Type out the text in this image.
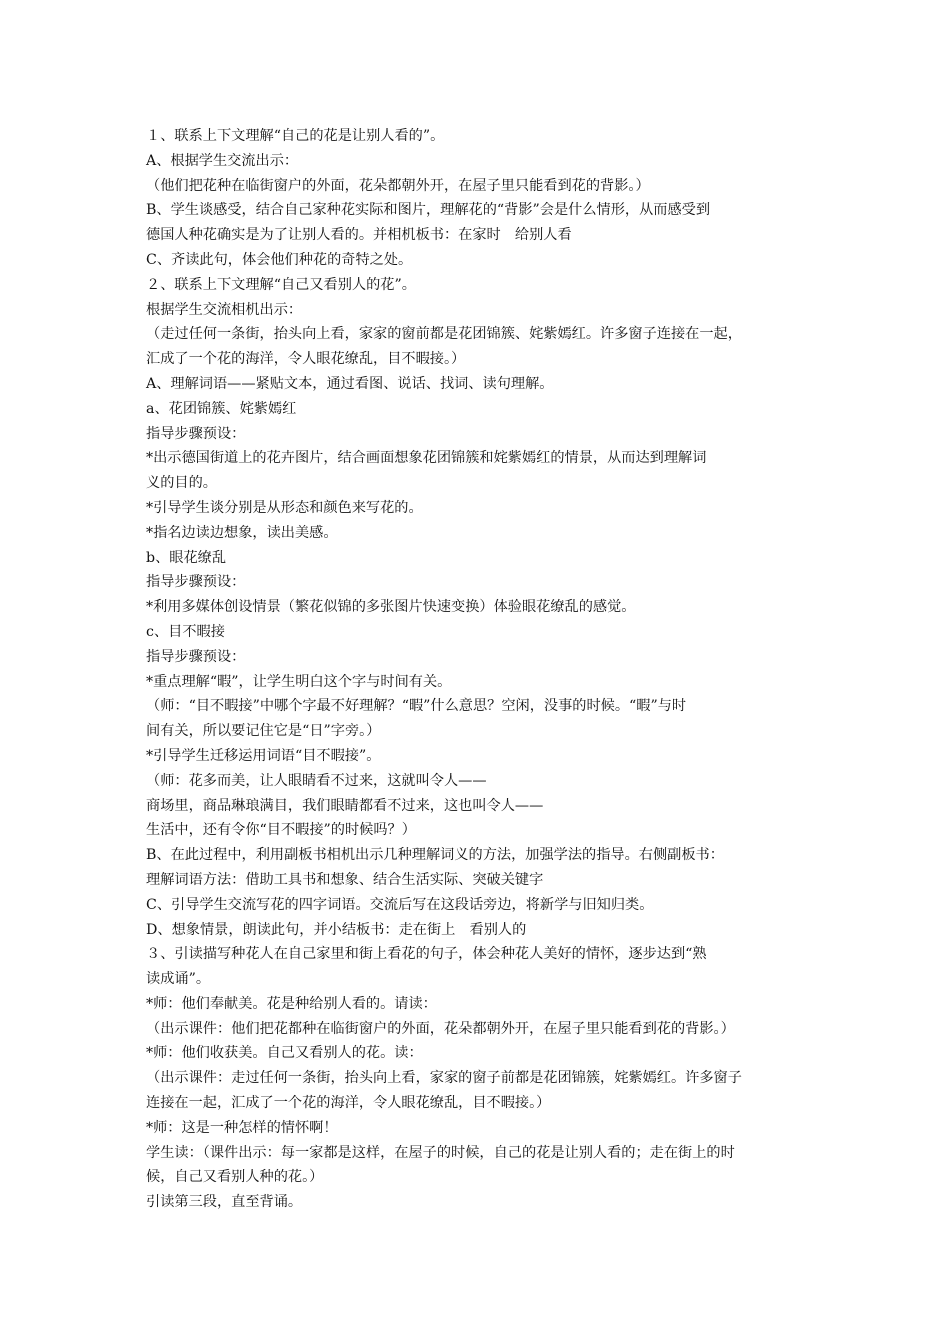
１、联系上下文理解“自己的花是让别人看的”。
A、根据学生交流出示：
（他们把花种在临街窗户的外面，花朵都朝外开，在屋子里只能看到花的背影。）
B、学生谈感受，结合自己家种花实际和图片，理解花的“背影”会是什么情形，从而感受到
德国人种花确实是为了让别人看的。并相机板书：在家时　给别人看
C、齐读此句，体会他们种花的奇特之处。
２、联系上下文理解“自己又看别人的花”。
根据学生交流相机出示：
（走过任何一条街，抬头向上看，家家的窗前都是花团锦簇、姹紫嫣红。许多窗子连接在一起，
汇成了一个花的海洋，令人眼花缭乱，目不暇接。）
A、理解词语——紧贴文本，通过看图、说话、找词、读句理解。
a、花团锦簇、姹紫嫣红
指导步骤预设：
*出示德国街道上的花卉图片，结合画面想象花团锦簇和姹紫嫣红的情景，从而达到理解词
义的目的。
*引导学生谈分别是从形态和颜色来写花的。
*指名边读边想象，读出美感。
b、眼花缭乱
指导步骤预设：
*利用多媒体创设情景（繁花似锦的多张图片快速变换）体验眼花缭乱的感觉。
c、目不暇接
指导步骤预设：
*重点理解“暇”，让学生明白这个字与时间有关。
（师：“目不暇接”中哪个字最不好理解？“暇”什么意思？空闲，没事的时候。“暇”与时
间有关，所以要记住它是“日”字旁。）
*引导学生迁移运用词语“目不暇接”。
（师：花多而美，让人眼睛看不过来，这就叫令人——
商场里，商品琳琅满目，我们眼睛都看不过来，这也叫令人——
生活中，还有令你“目不暇接”的时候吗？）
B、在此过程中，利用副板书相机出示几种理解词义的方法，加强学法的指导。右侧副板书：
理解词语方法：借助工具书和想象、结合生活实际、突破关键字
C、引导学生交流写花的四字词语。交流后写在这段话旁边，将新学与旧知归类。
D、想象情景，朗读此句，并小结板书：走在街上　看别人的
３、引读描写种花人在自己家里和街上看花的句子，体会种花人美好的情怀，逐步达到“熟
读成诵”。
*师：他们奉献美。花是种给别人看的。请读：
（出示课件：他们把花都种在临街窗户的外面，花朵都朝外开，在屋子里只能看到花的背影。）
*师：他们收获美。自己又看别人的花。读：
（出示课件：走过任何一条街，抬头向上看，家家的窗子前都是花团锦簇，姹紫嫣红。许多窗子
连接在一起，汇成了一个花的海洋，令人眼花缭乱，目不暇接。）
*师：这是一种怎样的情怀啊！
学生读：（课件出示：每一家都是这样，在屋子的时候，自己的花是让别人看的；走在街上的时
候，自己又看别人种的花。）
引读第三段，直至背诵。
